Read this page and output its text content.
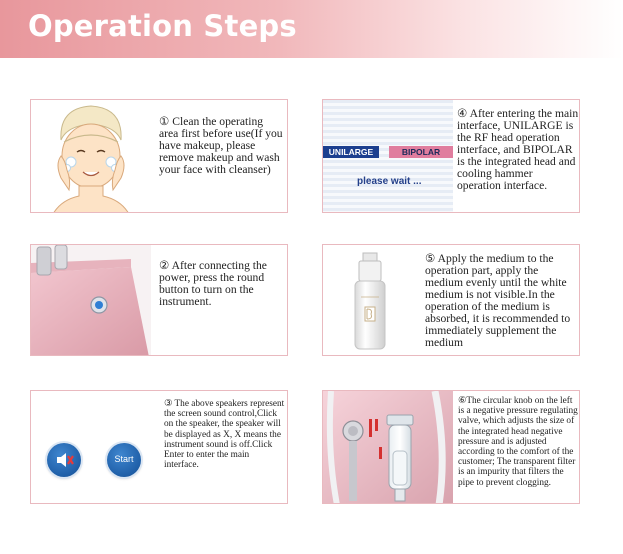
Operation Steps
① Clean the operating area first before use(If you have makeup, please remove makeup and wash your face with cleanser)
② After connecting the power, press the round button to turn on the instrument.
Start
③ The above speakers represent the screen sound control,Click on the speaker, the speaker will be displayed as X, X means the instrument sound is off.Click Enter to enter the main interface.
UNILARGE	BIPOLAR
please wait ...
④ After entering the main interface, UNILARGE is the RF head operation interface, and BIPOLAR is the integrated head and cooling hammer operation interface.
⑤ Apply the medium to the operation part, apply the medium evenly until the white medium is not visible.In the operation of the medium is absorbed, it is recommended to immediately supplement the medium
⑥The circular knob on the left is a negative pressure regulating valve, which adjusts the size of the integrated head negative pressure and is adjusted according to the comfort of the customer; The transparent filter is an impurity that filters the pipe to prevent clogging.
